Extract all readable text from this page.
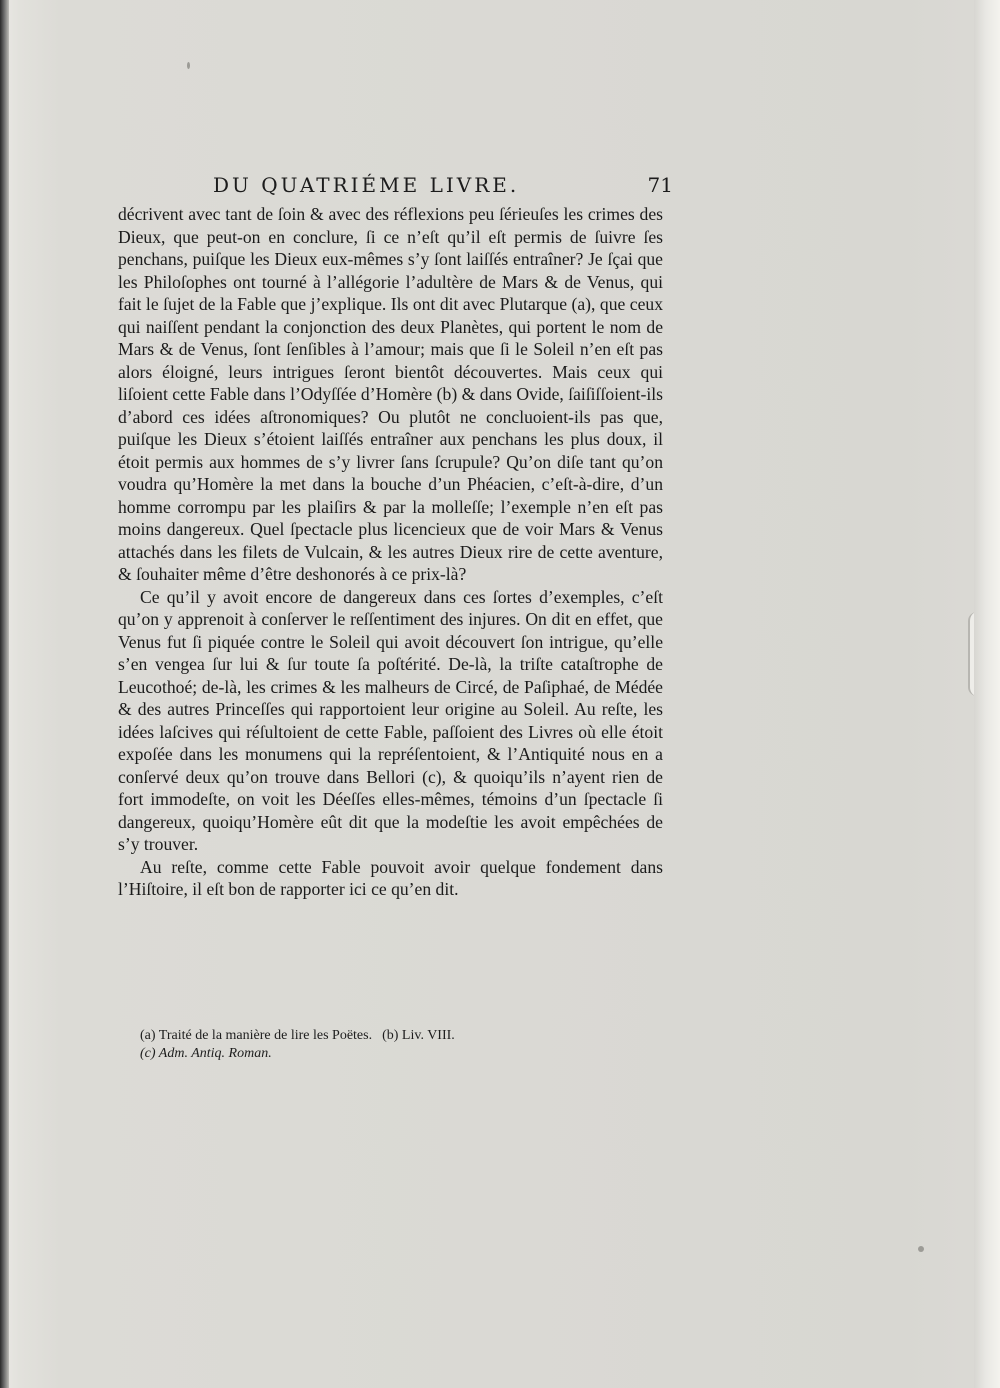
DU QUATRIÉME LIVRE.	71

décrivent avec tant de ſoin & avec des réflexions peu ſérieuſes les crimes des Dieux, que peut-on en conclure, ſi ce n’eſt qu’il eſt permis de ſuivre ſes penchans, puiſque les Dieux eux-mêmes s’y ſont laiſſés entraîner? Je ſçai que les Philoſophes ont tourné à l’allégorie l’adultère de Mars & de Venus, qui fait le ſujet de la Fable que j’explique. Ils ont dit avec Plutarque (a), que ceux qui naiſſent pendant la conjonction des deux Planètes, qui portent le nom de Mars & de Venus, ſont ſenſibles à l’amour; mais que ſi le Soleil n’en eſt pas alors éloigné, leurs intrigues ſeront bientôt découvertes. Mais ceux qui liſoient cette Fable dans l’Odyſſée d’Homère (b) & dans Ovide, ſaiſiſſoient-ils d’abord ces idées aſtronomiques? Ou plutôt ne concluoient-ils pas que, puiſque les Dieux s’étoient laiſſés entraîner aux penchans les plus doux, il étoit permis aux hommes de s’y livrer ſans ſcrupule? Qu’on diſe tant qu’on voudra qu’Homère la met dans la bouche d’un Phéacien, c’eſt-à-dire, d’un homme corrompu par les plaiſirs & par la molleſſe; l’exemple n’en eſt pas moins dangereux. Quel ſpectacle plus licencieux que de voir Mars & Venus attachés dans les filets de Vulcain, & les autres Dieux rire de cette aventure, & ſouhaiter même d’être deshonorés à ce prix-là?

Ce qu’il y avoit encore de dangereux dans ces ſortes d’exemples, c’eſt qu’on y apprenoit à conſerver le reſſentiment des injures. On dit en effet, que Venus fut ſi piquée contre le Soleil qui avoit découvert ſon intrigue, qu’elle s’en vengea ſur lui & ſur toute ſa poſtérité. De-là, la triſte cataſtrophe de Leucothoé; de-là, les crimes & les malheurs de Circé, de Paſiphaé, de Médée & des autres Princeſſes qui rapportoient leur origine au Soleil. Au reſte, les idées laſcives qui réſultoient de cette Fable, paſſoient des Livres où elle étoit expoſée dans les monumens qui la repréſentoient, & l’Antiquité nous en a conſervé deux qu’on trouve dans Bellori (c), & quoiqu’ils n’ayent rien de fort immodeſte, on voit les Déeſſes elles-mêmes, témoins d’un ſpectacle ſi dangereux, quoiqu’Homère eût dit que la modeſtie les avoit empêchées de s’y trouver.

Au reſte, comme cette Fable pouvoit avoir quelque fondement dans l’Hiſtoire, il eſt bon de rapporter ici ce qu’en dit.

(a) Traité de la manière de lire les Poëtes. (b) Liv. VIII.
(c) Adm. Antiq. Roman.
